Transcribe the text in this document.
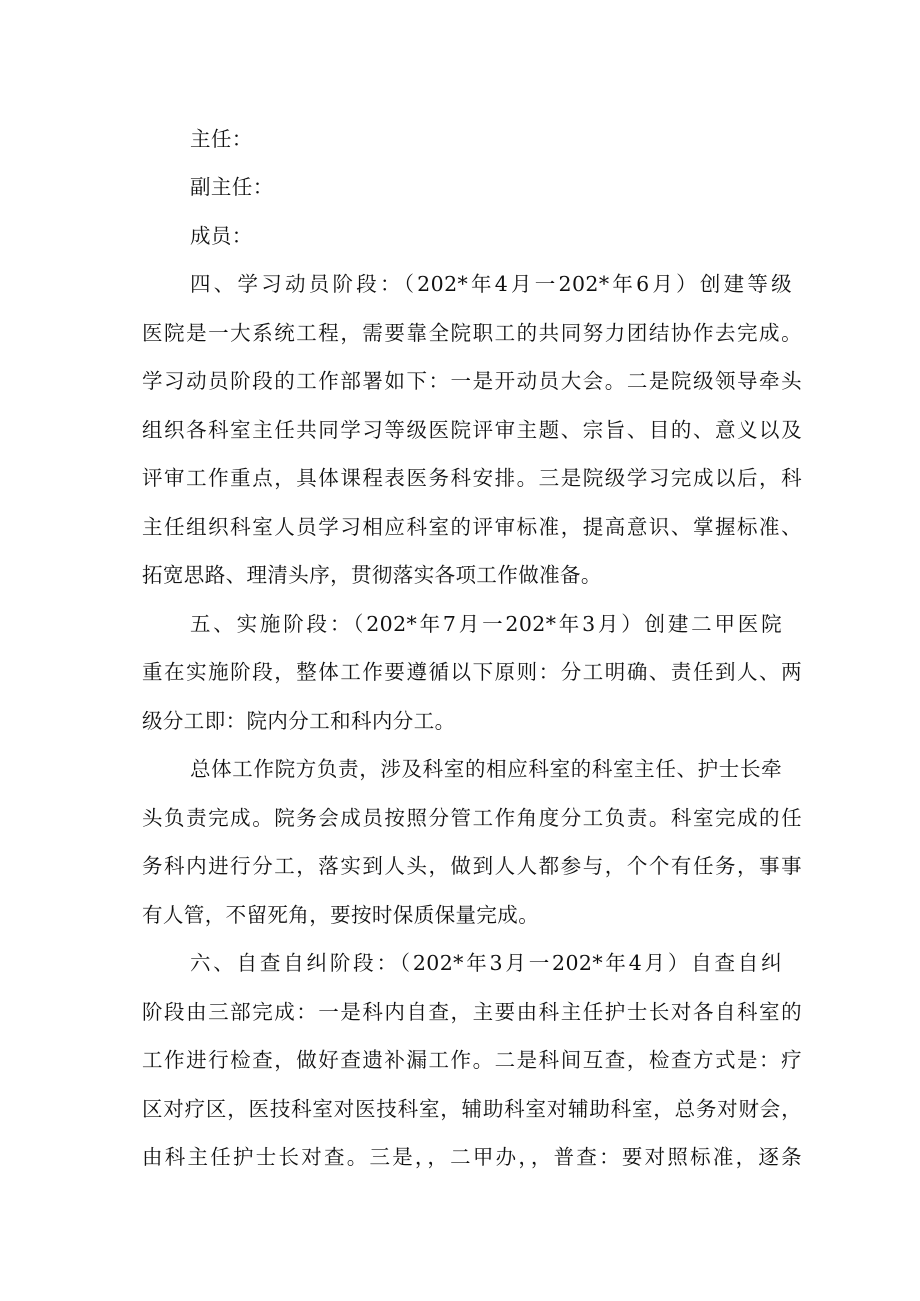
主任：
副主任：
成员：
四、学习动员阶段：（202*年4月一202*年6月）创建等级
医院是一大系统工程，需要靠全院职工的共同努力团结协作去完成。
学习动员阶段的工作部署如下：一是开动员大会。二是院级领导牵头
组织各科室主任共同学习等级医院评审主题、宗旨、目的、意义以及
评审工作重点，具体课程表医务科安排。三是院级学习完成以后，科
主任组织科室人员学习相应科室的评审标准，提高意识、掌握标准、
拓宽思路、理清头序，贯彻落实各项工作做准备。
五、实施阶段：（202*年7月一202*年3月）创建二甲医院
重在实施阶段，整体工作要遵循以下原则：分工明确、责任到人、两
级分工即：院内分工和科内分工。
总体工作院方负责，涉及科室的相应科室的科室主任、护士长牵
头负责完成。院务会成员按照分管工作角度分工负责。科室完成的任
务科内进行分工，落实到人头，做到人人都参与，个个有任务，事事
有人管，不留死角，要按时保质保量完成。
六、自查自纠阶段：（202*年3月一202*年4月）自查自纠
阶段由三部完成：一是科内自查，主要由科主任护士长对各自科室的
工作进行检查，做好查遗补漏工作。二是科间互查，检查方式是：疗
区对疗区，医技科室对医技科室，辅助科室对辅助科室，总务对财会，
由科主任护士长对查。三是，，二甲办，，普查：要对照标准，逐条
